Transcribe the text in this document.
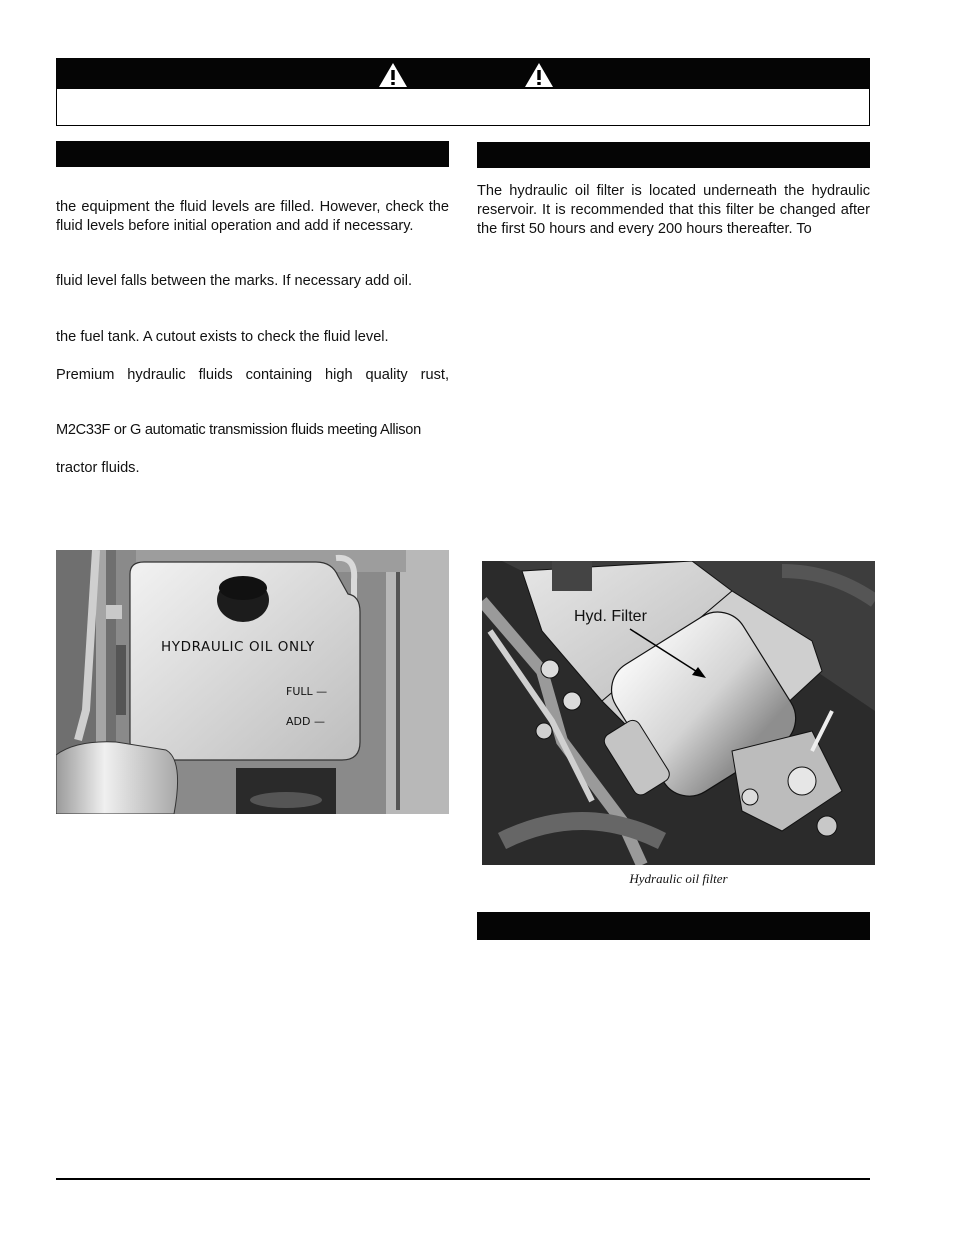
the equipment the fluid levels are filled. However, check the fluid levels before initial operation and add if necessary.
fluid level falls between the marks. If necessary add oil.
the fuel tank. A cutout exists to check the fluid level.
Premium hydraulic fluids containing high quality rust,
M2C33F or G automatic transmission fluids meeting Allison
tractor fluids.
The hydraulic oil filter is located underneath the hydraulic reservoir. It is recommended that this filter be changed after the first 50 hours and every 200 hours thereafter. To
HYDRAULIC OIL ONLY
FULL —
ADD —
Hyd. Filter
Hydraulic oil filter
